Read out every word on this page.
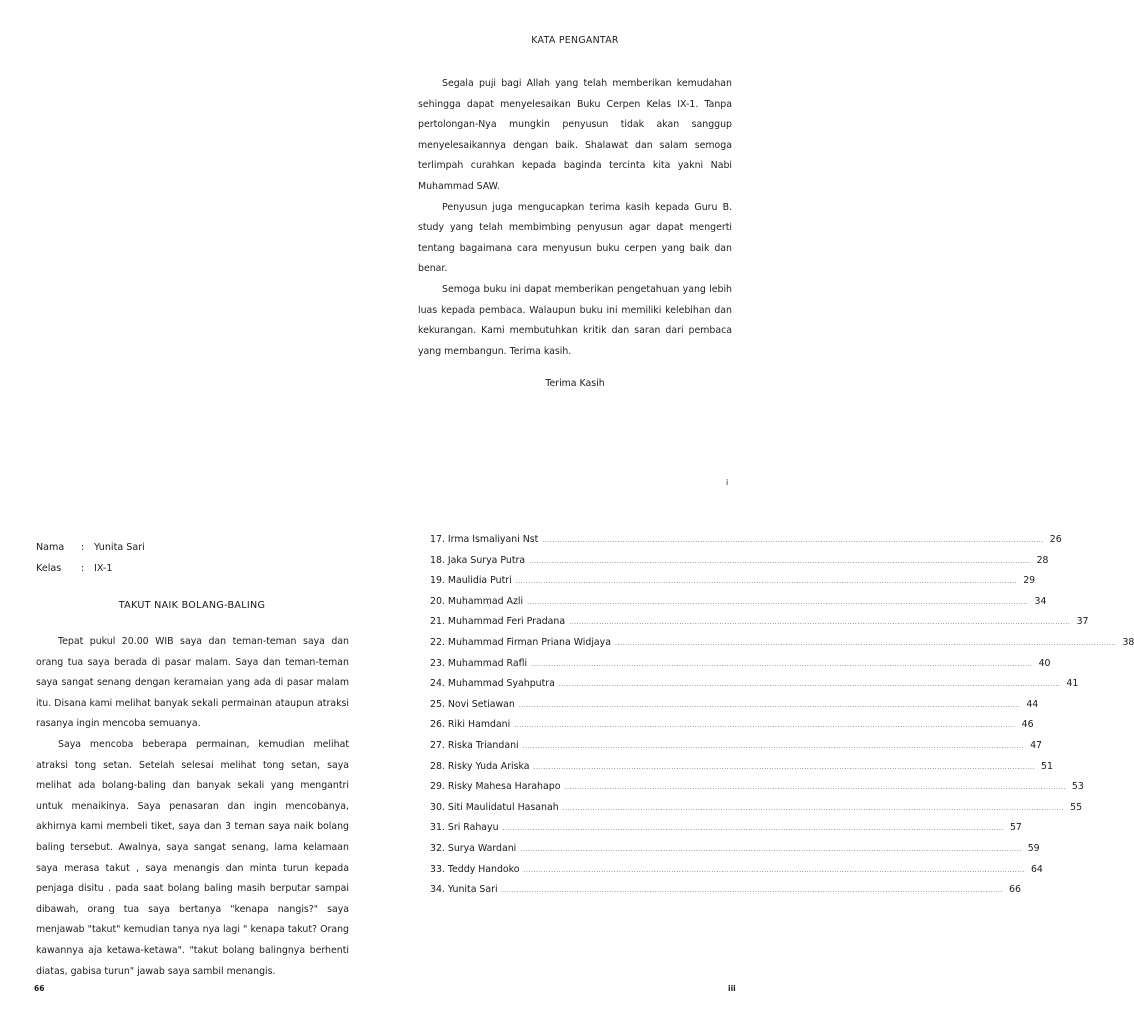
KATA PENGANTAR

Segala puji bagi Allah yang telah memberikan kemudahan sehingga dapat menyelesaikan Buku Cerpen Kelas IX-1. Tanpa pertolongan-Nya mungkin penyusun tidak akan sanggup menyelesaikannya dengan baik. Shalawat dan salam semoga terlimpah curahkan kepada baginda tercinta kita yakni Nabi Muhammad SAW.

Penyusun juga mengucapkan terima kasih kepada Guru B. study yang telah membimbing penyusun agar dapat mengerti tentang bagaimana cara menyusun buku cerpen yang baik dan benar.

Semoga buku ini dapat memberikan pengetahuan yang lebih luas kepada pembaca. Walaupun buku ini memiliki kelebihan dan kekurangan. Kami membutuhkan kritik dan saran dari pembaca yang membangun. Terima kasih.

Terima Kasih
i
Nama	:	Yunita Sari
Kelas	:	IX-1
TAKUT NAIK BOLANG-BALING

Tepat pukul 20.00 WIB saya dan teman-teman saya dan orang tua saya berada di pasar malam. Saya dan teman-teman saya sangat senang dengan keramaian yang ada di pasar malam itu. Disana kami melihat banyak sekali permainan ataupun atraksi rasanya ingin mencoba semuanya.

Saya mencoba beberapa permainan, kemudian melihat atraksi tong setan. Setelah selesai melihat tong setan, saya melihat ada bolang-baling dan banyak sekali yang mengantri untuk menaikinya. Saya penasaran dan ingin mencobanya, akhirnya kami membeli tiket, saya dan 3 teman saya naik bolang baling tersebut. Awalnya, saya sangat senang, lama kelamaan saya merasa takut , saya menangis dan minta turun kepada penjaga disitu . pada saat bolang baling masih berputar sampai dibawah, orang tua saya bertanya "kenapa nangis?" saya menjawab "takut" kemudian tanya nya lagi " kenapa takut? Orang kawannya aja ketawa-ketawa". "takut bolang balingnya berhenti diatas, gabisa turun" jawab saya sambil menangis.

17. Irma Ismaliyani Nst ........................................................................................................................................................................................................ 26
18. Jaka Surya Putra ........................................................................................................................................................................................................ 28
19. Maulidia Putri ........................................................................................................................................................................................................ 29
20. Muhammad Azli ........................................................................................................................................................................................................ 34
21. Muhammad Feri Pradana ........................................................................................................................................................................................................ 37
22. Muhammad Firman Priana Widjaya ........................................................................................................................................................................................................ 38
23. Muhammad Rafli ........................................................................................................................................................................................................ 40
24. Muhammad Syahputra ........................................................................................................................................................................................................ 41
25. Novi Setiawan ........................................................................................................................................................................................................ 44
26. Riki Hamdani ........................................................................................................................................................................................................ 46
27. Riska Triandani ........................................................................................................................................................................................................ 47
28. Risky Yuda Ariska ........................................................................................................................................................................................................ 51
29. Risky Mahesa Harahapo ........................................................................................................................................................................................................ 53
30. Siti Maulidatul Hasanah ........................................................................................................................................................................................................ 55
31. Sri Rahayu ........................................................................................................................................................................................................ 57
32. Surya Wardani ........................................................................................................................................................................................................ 59
33. Teddy Handoko ........................................................................................................................................................................................................ 64
34. Yunita Sari ........................................................................................................................................................................................................ 66
66	iii
